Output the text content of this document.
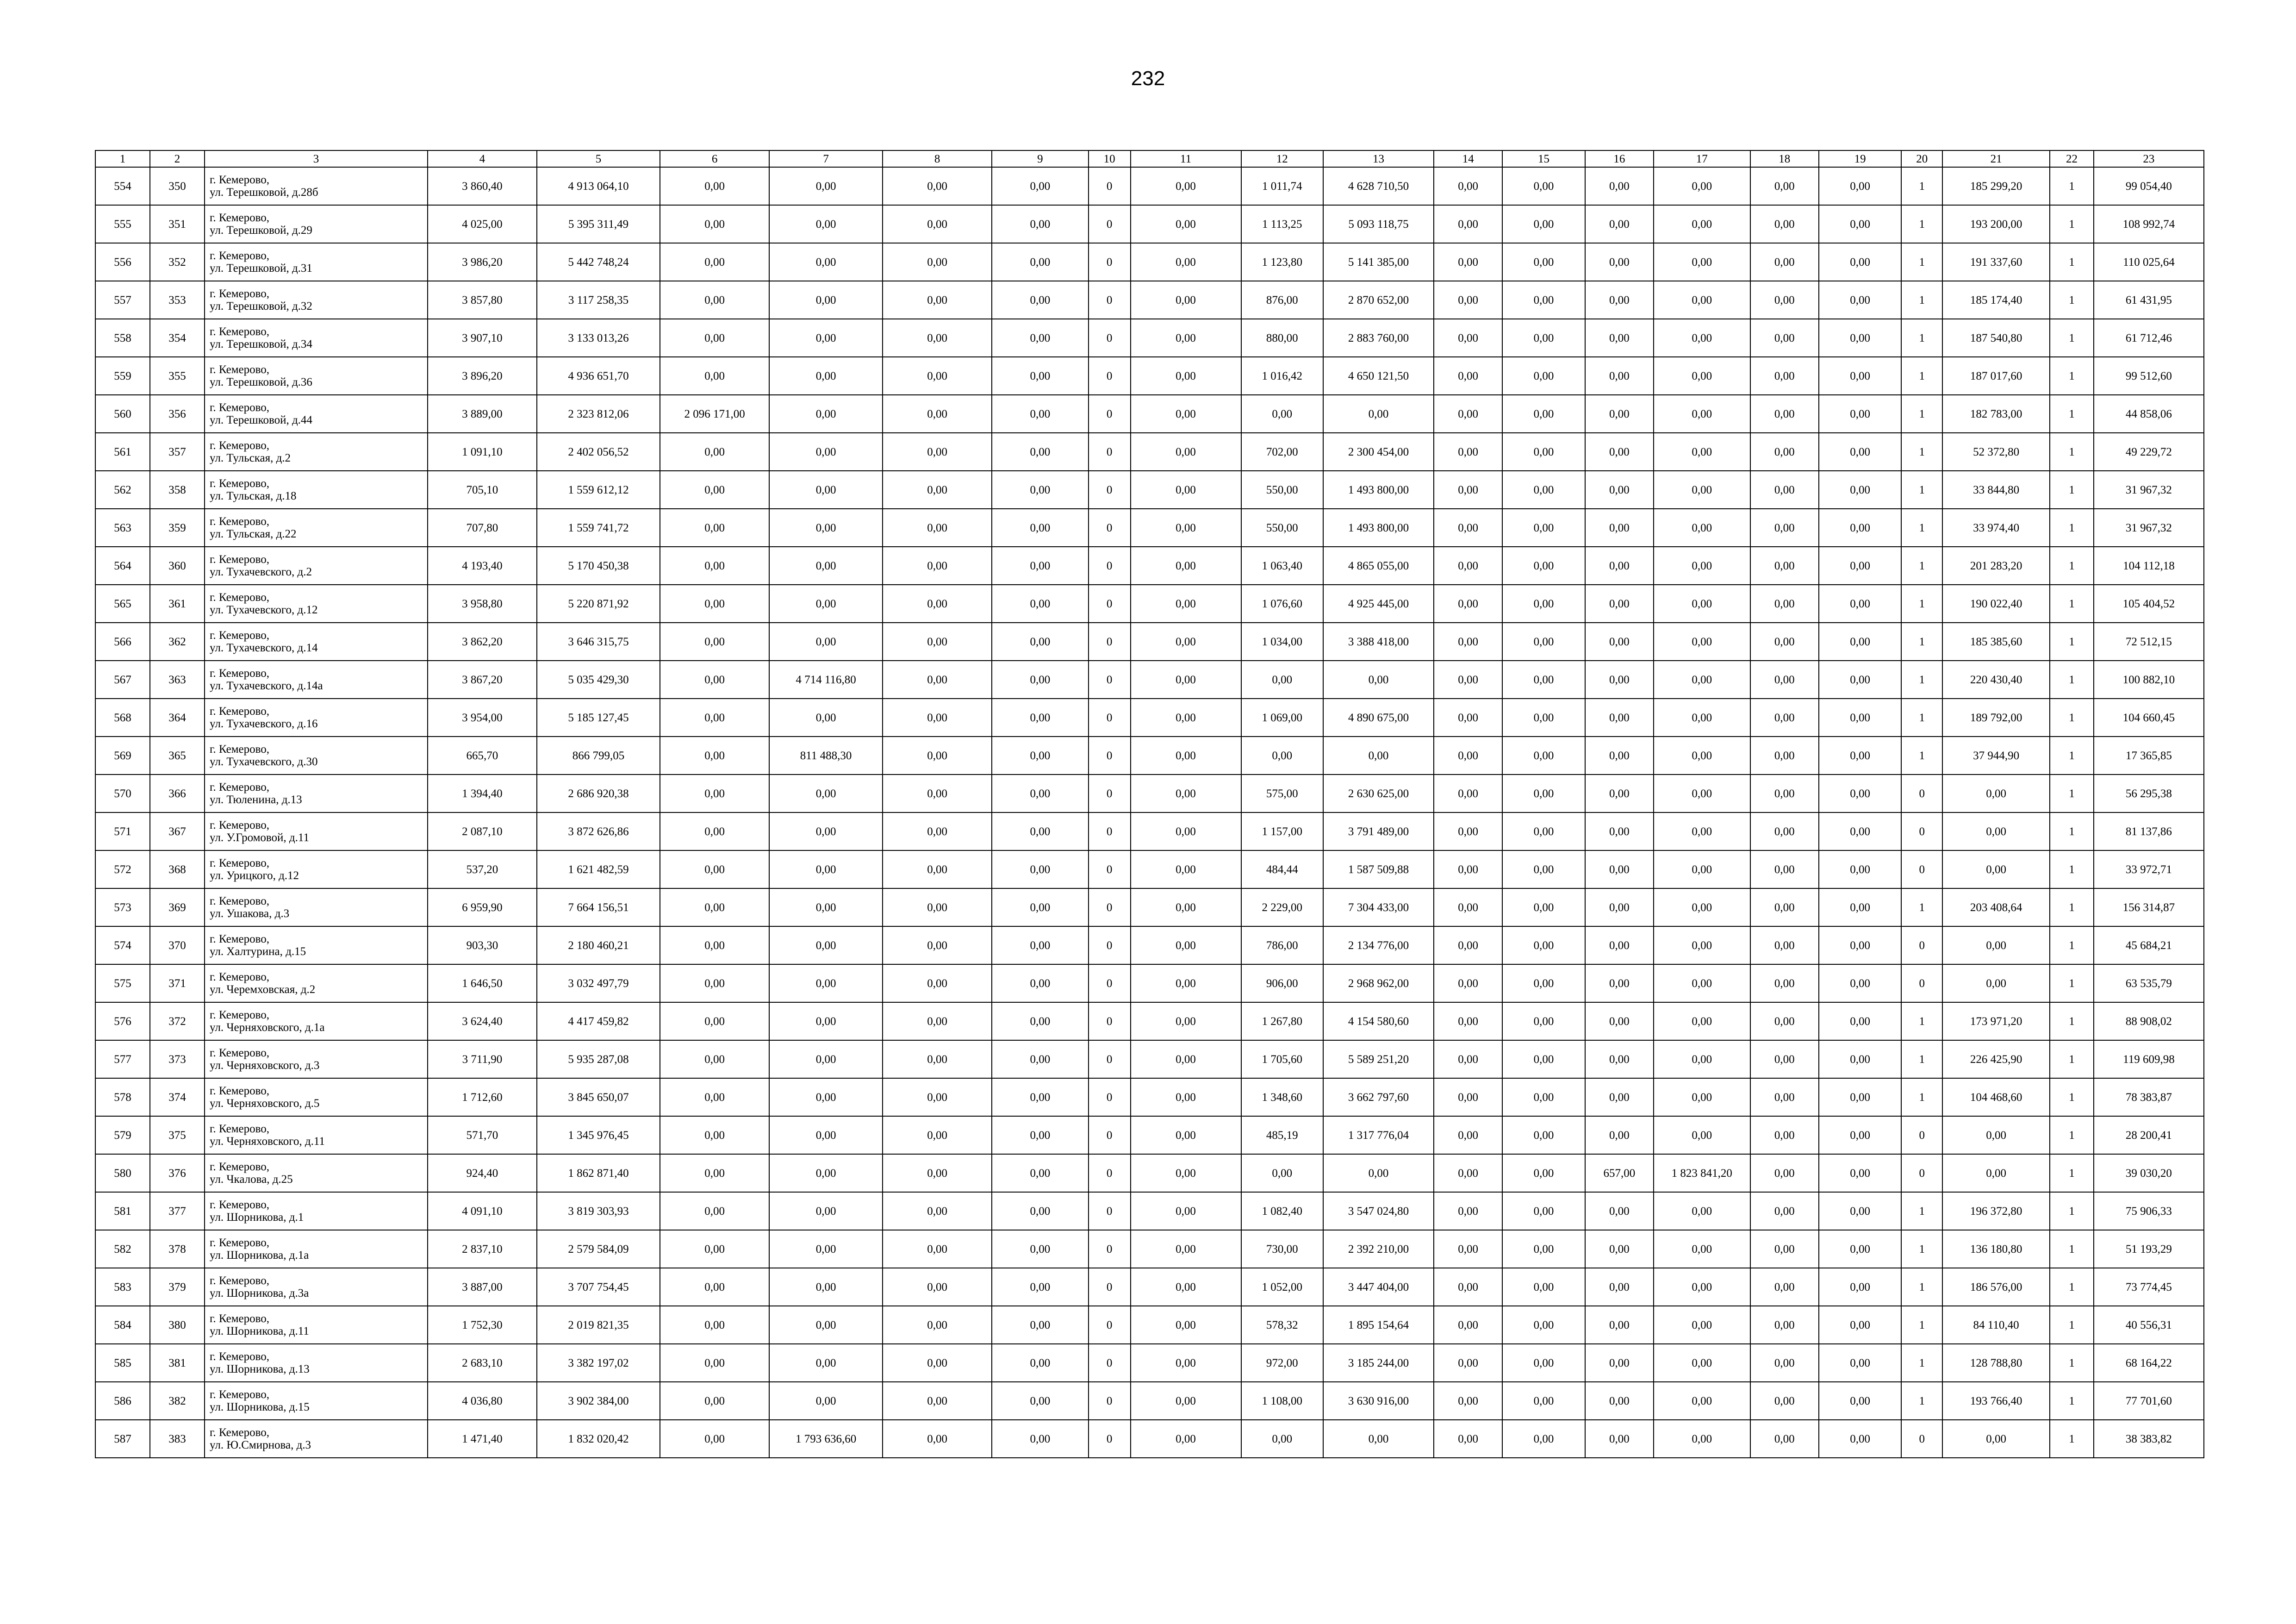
232
1	2	3	4	5	6	7	8	9	10	11	12	13	14	15	16	17	18	19	20	21	22	23
554	350	г. Кемерово,
ул. Терешковой, д.28б	3 860,40	4 913 064,10	0,00	0,00	0,00	0,00	0	0,00	1 011,74	4 628 710,50	0,00	0,00	0,00	0,00	0,00	0,00	1	185 299,20	1	99 054,40
555	351	г. Кемерово,
ул. Терешковой, д.29	4 025,00	5 395 311,49	0,00	0,00	0,00	0,00	0	0,00	1 113,25	5 093 118,75	0,00	0,00	0,00	0,00	0,00	0,00	1	193 200,00	1	108 992,74
556	352	г. Кемерово,
ул. Терешковой, д.31	3 986,20	5 442 748,24	0,00	0,00	0,00	0,00	0	0,00	1 123,80	5 141 385,00	0,00	0,00	0,00	0,00	0,00	0,00	1	191 337,60	1	110 025,64
557	353	г. Кемерово,
ул. Терешковой, д.32	3 857,80	3 117 258,35	0,00	0,00	0,00	0,00	0	0,00	876,00	2 870 652,00	0,00	0,00	0,00	0,00	0,00	0,00	1	185 174,40	1	61 431,95
558	354	г. Кемерово,
ул. Терешковой, д.34	3 907,10	3 133 013,26	0,00	0,00	0,00	0,00	0	0,00	880,00	2 883 760,00	0,00	0,00	0,00	0,00	0,00	0,00	1	187 540,80	1	61 712,46
559	355	г. Кемерово,
ул. Терешковой, д.36	3 896,20	4 936 651,70	0,00	0,00	0,00	0,00	0	0,00	1 016,42	4 650 121,50	0,00	0,00	0,00	0,00	0,00	0,00	1	187 017,60	1	99 512,60
560	356	г. Кемерово,
ул. Терешковой, д.44	3 889,00	2 323 812,06	2 096 171,00	0,00	0,00	0,00	0	0,00	0,00	0,00	0,00	0,00	0,00	0,00	0,00	0,00	1	182 783,00	1	44 858,06
561	357	г. Кемерово,
ул. Тульская, д.2	1 091,10	2 402 056,52	0,00	0,00	0,00	0,00	0	0,00	702,00	2 300 454,00	0,00	0,00	0,00	0,00	0,00	0,00	1	52 372,80	1	49 229,72
562	358	г. Кемерово,
ул. Тульская, д.18	705,10	1 559 612,12	0,00	0,00	0,00	0,00	0	0,00	550,00	1 493 800,00	0,00	0,00	0,00	0,00	0,00	0,00	1	33 844,80	1	31 967,32
563	359	г. Кемерово,
ул. Тульская, д.22	707,80	1 559 741,72	0,00	0,00	0,00	0,00	0	0,00	550,00	1 493 800,00	0,00	0,00	0,00	0,00	0,00	0,00	1	33 974,40	1	31 967,32
564	360	г. Кемерово,
ул. Тухачевского, д.2	4 193,40	5 170 450,38	0,00	0,00	0,00	0,00	0	0,00	1 063,40	4 865 055,00	0,00	0,00	0,00	0,00	0,00	0,00	1	201 283,20	1	104 112,18
565	361	г. Кемерово,
ул. Тухачевского, д.12	3 958,80	5 220 871,92	0,00	0,00	0,00	0,00	0	0,00	1 076,60	4 925 445,00	0,00	0,00	0,00	0,00	0,00	0,00	1	190 022,40	1	105 404,52
566	362	г. Кемерово,
ул. Тухачевского, д.14	3 862,20	3 646 315,75	0,00	0,00	0,00	0,00	0	0,00	1 034,00	3 388 418,00	0,00	0,00	0,00	0,00	0,00	0,00	1	185 385,60	1	72 512,15
567	363	г. Кемерово,
ул. Тухачевского, д.14а	3 867,20	5 035 429,30	0,00	4 714 116,80	0,00	0,00	0	0,00	0,00	0,00	0,00	0,00	0,00	0,00	0,00	0,00	1	220 430,40	1	100 882,10
568	364	г. Кемерово,
ул. Тухачевского, д.16	3 954,00	5 185 127,45	0,00	0,00	0,00	0,00	0	0,00	1 069,00	4 890 675,00	0,00	0,00	0,00	0,00	0,00	0,00	1	189 792,00	1	104 660,45
569	365	г. Кемерово,
ул. Тухачевского, д.30	665,70	866 799,05	0,00	811 488,30	0,00	0,00	0	0,00	0,00	0,00	0,00	0,00	0,00	0,00	0,00	0,00	1	37 944,90	1	17 365,85
570	366	г. Кемерово,
ул. Тюленина, д.13	1 394,40	2 686 920,38	0,00	0,00	0,00	0,00	0	0,00	575,00	2 630 625,00	0,00	0,00	0,00	0,00	0,00	0,00	0	0,00	1	56 295,38
571	367	г. Кемерово,
ул. У.Громовой, д.11	2 087,10	3 872 626,86	0,00	0,00	0,00	0,00	0	0,00	1 157,00	3 791 489,00	0,00	0,00	0,00	0,00	0,00	0,00	0	0,00	1	81 137,86
572	368	г. Кемерово,
ул. Урицкого, д.12	537,20	1 621 482,59	0,00	0,00	0,00	0,00	0	0,00	484,44	1 587 509,88	0,00	0,00	0,00	0,00	0,00	0,00	0	0,00	1	33 972,71
573	369	г. Кемерово,
ул. Ушакова, д.3	6 959,90	7 664 156,51	0,00	0,00	0,00	0,00	0	0,00	2 229,00	7 304 433,00	0,00	0,00	0,00	0,00	0,00	0,00	1	203 408,64	1	156 314,87
574	370	г. Кемерово,
ул. Халтурина, д.15	903,30	2 180 460,21	0,00	0,00	0,00	0,00	0	0,00	786,00	2 134 776,00	0,00	0,00	0,00	0,00	0,00	0,00	0	0,00	1	45 684,21
575	371	г. Кемерово,
ул. Черемховская, д.2	1 646,50	3 032 497,79	0,00	0,00	0,00	0,00	0	0,00	906,00	2 968 962,00	0,00	0,00	0,00	0,00	0,00	0,00	0	0,00	1	63 535,79
576	372	г. Кемерово,
ул. Черняховского, д.1а	3 624,40	4 417 459,82	0,00	0,00	0,00	0,00	0	0,00	1 267,80	4 154 580,60	0,00	0,00	0,00	0,00	0,00	0,00	1	173 971,20	1	88 908,02
577	373	г. Кемерово,
ул. Черняховского, д.3	3 711,90	5 935 287,08	0,00	0,00	0,00	0,00	0	0,00	1 705,60	5 589 251,20	0,00	0,00	0,00	0,00	0,00	0,00	1	226 425,90	1	119 609,98
578	374	г. Кемерово,
ул. Черняховского, д.5	1 712,60	3 845 650,07	0,00	0,00	0,00	0,00	0	0,00	1 348,60	3 662 797,60	0,00	0,00	0,00	0,00	0,00	0,00	1	104 468,60	1	78 383,87
579	375	г. Кемерово,
ул. Черняховского, д.11	571,70	1 345 976,45	0,00	0,00	0,00	0,00	0	0,00	485,19	1 317 776,04	0,00	0,00	0,00	0,00	0,00	0,00	0	0,00	1	28 200,41
580	376	г. Кемерово,
ул. Чкалова, д.25	924,40	1 862 871,40	0,00	0,00	0,00	0,00	0	0,00	0,00	0,00	0,00	0,00	657,00	1 823 841,20	0,00	0,00	0	0,00	1	39 030,20
581	377	г. Кемерово,
ул. Шорникова, д.1	4 091,10	3 819 303,93	0,00	0,00	0,00	0,00	0	0,00	1 082,40	3 547 024,80	0,00	0,00	0,00	0,00	0,00	0,00	1	196 372,80	1	75 906,33
582	378	г. Кемерово,
ул. Шорникова, д.1а	2 837,10	2 579 584,09	0,00	0,00	0,00	0,00	0	0,00	730,00	2 392 210,00	0,00	0,00	0,00	0,00	0,00	0,00	1	136 180,80	1	51 193,29
583	379	г. Кемерово,
ул. Шорникова, д.3а	3 887,00	3 707 754,45	0,00	0,00	0,00	0,00	0	0,00	1 052,00	3 447 404,00	0,00	0,00	0,00	0,00	0,00	0,00	1	186 576,00	1	73 774,45
584	380	г. Кемерово,
ул. Шорникова, д.11	1 752,30	2 019 821,35	0,00	0,00	0,00	0,00	0	0,00	578,32	1 895 154,64	0,00	0,00	0,00	0,00	0,00	0,00	1	84 110,40	1	40 556,31
585	381	г. Кемерово,
ул. Шорникова, д.13	2 683,10	3 382 197,02	0,00	0,00	0,00	0,00	0	0,00	972,00	3 185 244,00	0,00	0,00	0,00	0,00	0,00	0,00	1	128 788,80	1	68 164,22
586	382	г. Кемерово,
ул. Шорникова, д.15	4 036,80	3 902 384,00	0,00	0,00	0,00	0,00	0	0,00	1 108,00	3 630 916,00	0,00	0,00	0,00	0,00	0,00	0,00	1	193 766,40	1	77 701,60
587	383	г. Кемерово,
ул. Ю.Смирнова, д.3	1 471,40	1 832 020,42	0,00	1 793 636,60	0,00	0,00	0	0,00	0,00	0,00	0,00	0,00	0,00	0,00	0,00	0,00	0	0,00	1	38 383,82
